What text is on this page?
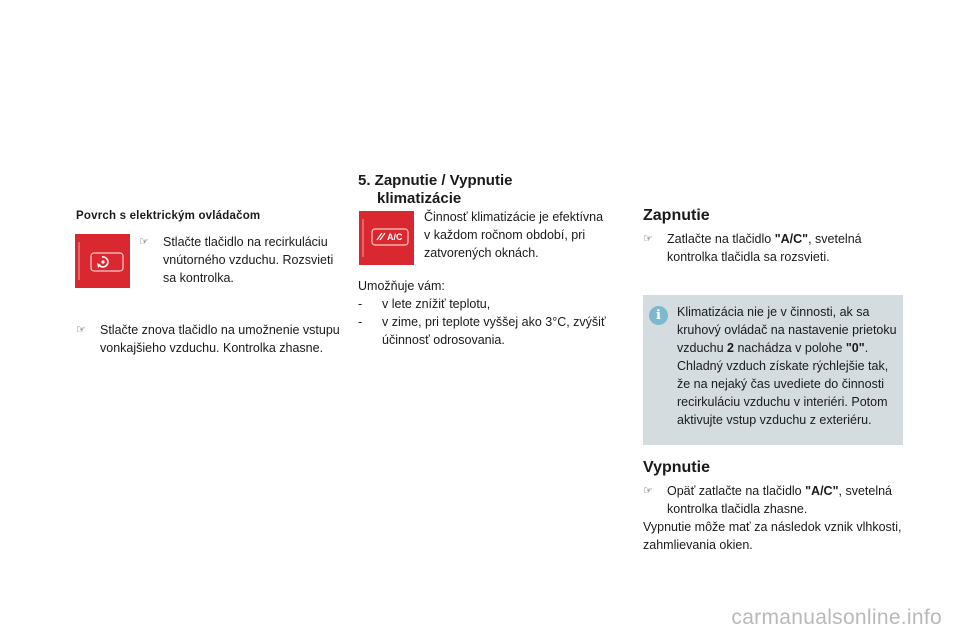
Povrch s elektrickým ovládačom
☞	Stlačte tlačidlo na recirkuláciu
vnútorného vzduchu. Rozsvieti
sa kontrolka.
☞	Stlačte znova tlačidlo na umožnenie vstupu
vonkajšieho vzduchu. Kontrolka zhasne.
5. Zapnutie / Vypnutie
klimatizácie
A/C
Činnosť klimatizácie je efektívna
v každom ročnom období, pri
zatvorených oknách.
Umožňuje vám:
-	v lete znížiť teplotu,
-	v zime, pri teplote vyššej ako 3°C, zvýšiť
účinnosť odrosovania.
Zapnutie
☞	Zatlačte na tlačidlo "A/C", svetelná
kontrolka tlačidla sa rozsvieti.
i	Klimatizácia nie je v činnosti, ak sa
kruhový ovládač na nastavenie prietoku
vzduchu 2 nachádza v polohe "0".
Chladný vzduch získate rýchlejšie tak,
že na nejaký čas uvediete do činnosti
recirkuláciu vzduchu v interiéri. Potom
aktivujte vstup vzduchu z exteriéru.
Vypnutie
☞	Opäť zatlačte na tlačidlo "A/C", svetelná
kontrolka tlačidla zhasne.
Vypnutie môže mať za následok vznik vlhkosti,
zahmlievania okien.
carmanualsonline.info
